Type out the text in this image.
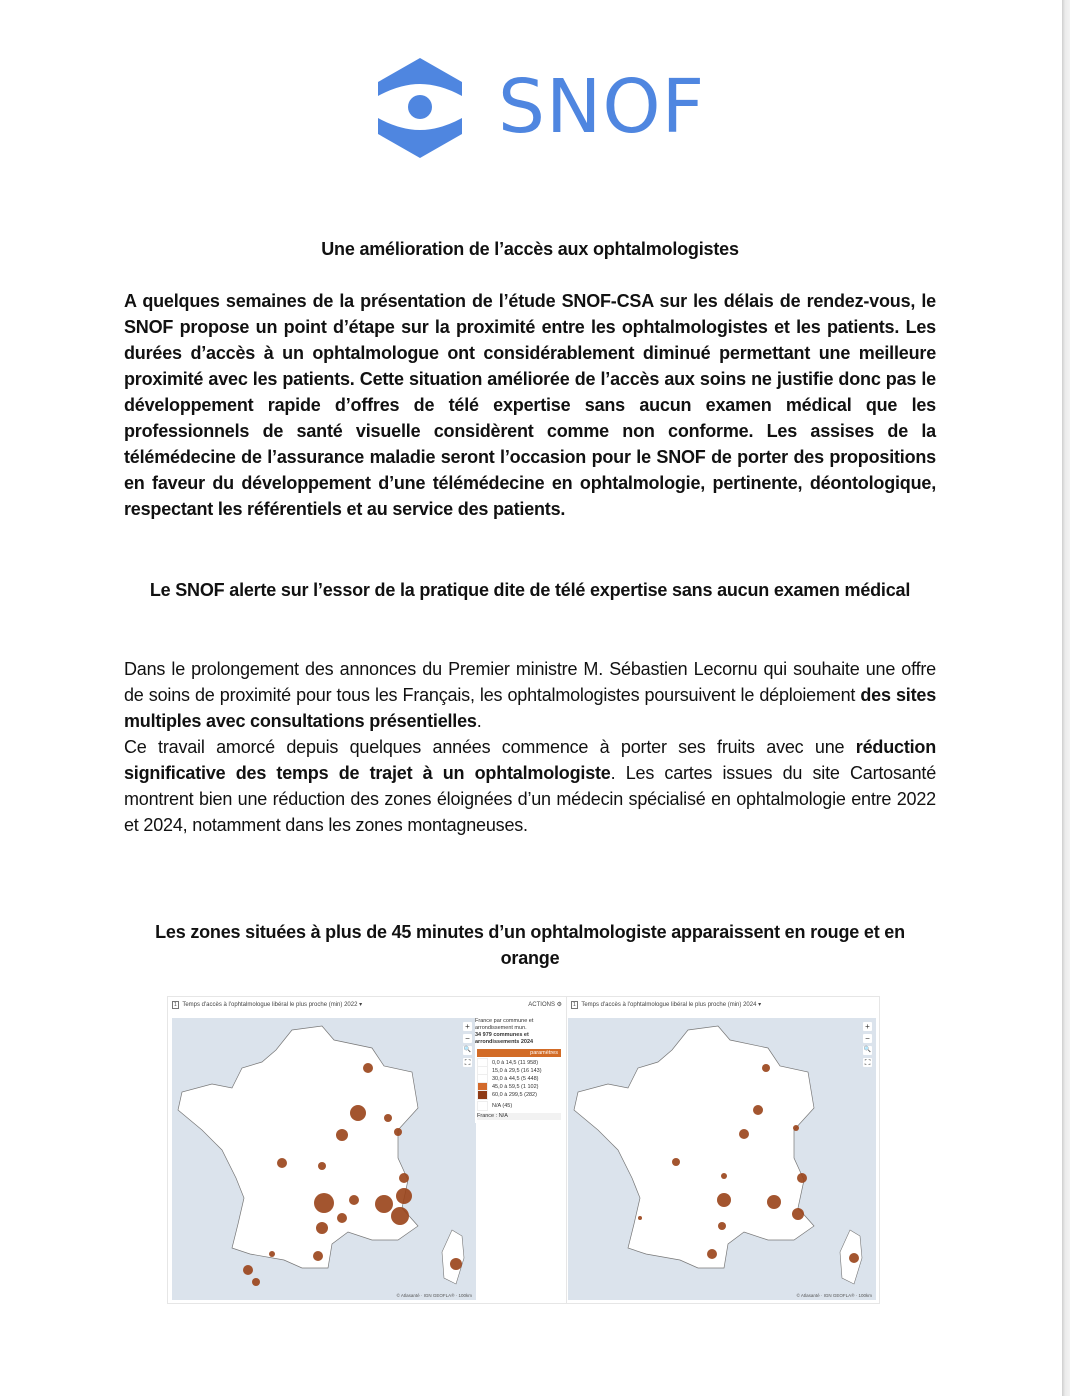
SNOF
Une amélioration de l’accès aux ophtalmologistes
A quelques semaines de la présentation de l’étude SNOF-CSA sur les délais de rendez-vous, le SNOF propose un point d’étape sur la proximité entre les ophtalmologistes et les patients. Les durées d’accès à un ophtalmologue ont considérablement diminué permettant une meilleure proximité avec les patients. Cette situation améliorée de l’accès aux soins ne justifie donc pas le développement rapide d’offres de télé expertise sans aucun examen médical que les professionnels de santé visuelle considèrent comme non conforme. Les assises de la télémédecine de l’assurance maladie seront l’occasion pour le SNOF de porter des propositions en faveur du développement d’une télémédecine en ophtalmologie, pertinente, déontologique, respectant les référentiels et au service des patients.
Le SNOF alerte sur l’essor de la pratique dite de télé expertise sans aucun examen médical
Dans le prolongement des annonces du Premier ministre M. Sébastien Lecornu qui souhaite une offre de soins de proximité pour tous les Français, les ophtalmologistes poursuivent le déploiement des sites multiples avec consultations présentielles.
Ce travail amorcé depuis quelques années commence à porter ses fruits avec une réduction significative des temps de trajet à un ophtalmologiste. Les cartes issues du site Cartosanté montrent bien une réduction des zones éloignées d’un médecin spécialisé en ophtalmologie entre 2022 et 2024, notamment dans les zones montagneuses.
Les zones situées à plus de 45 minutes d’un ophtalmologiste apparaissent en rouge et en orange
1 Temps d'accès à l'ophtalmologue libéral le plus proche (min) 2022 ▾	ACTIONS ⚙
+
−
🔍
⛶
© Atlasanté · IGN GEOFLA® · 100km
France par commune et arrondissement mun.
34 979 communes et arrondissements 2024
paramètres
0,0 à 14,5 (11 958)
15,0 à 29,5 (16 143)
30,0 à 44,5 (5 448)
45,0 à 59,5 (1 102)
60,0 à 299,5 (282)
N/A (45)
France : N/A
1 Temps d'accès à l'ophtalmologue libéral le plus proche (min) 2024 ▾
+
−
🔍
⛶
© Atlasanté · IGN GEOFLA® · 100km
